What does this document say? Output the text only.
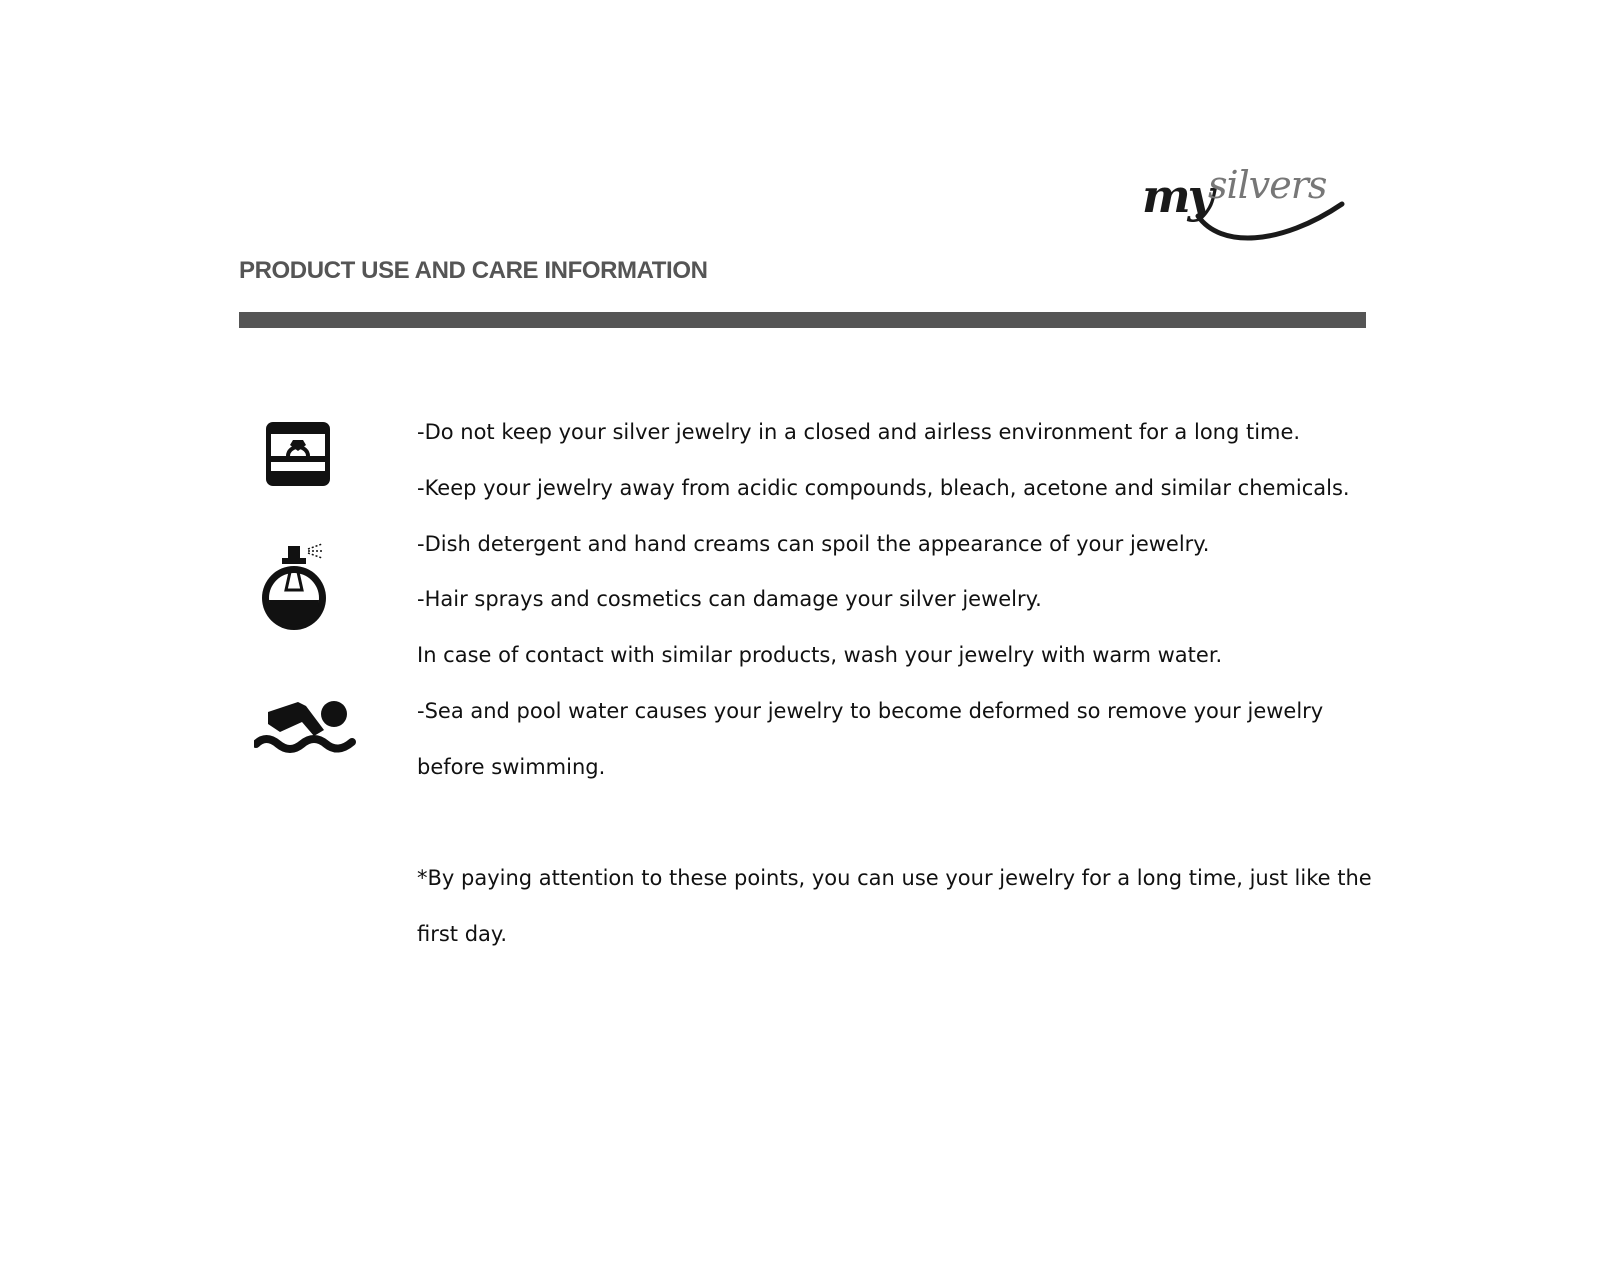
my
silvers
PRODUCT USE AND CARE INFORMATION
-Do not keep your silver jewelry in a closed and airless environment for a long time.
-Keep your jewelry away from acidic compounds, bleach, acetone and similar chemicals.
-Dish detergent and hand creams can spoil the appearance of your jewelry.
-Hair sprays and cosmetics can damage your silver jewelry.
In case of contact with similar products, wash your jewelry with warm water.
-Sea and pool water causes your jewelry to become deformed so remove your jewelry
before swimming.
*By paying attention to these points, you can use your jewelry for a long time, just like the
first day.
